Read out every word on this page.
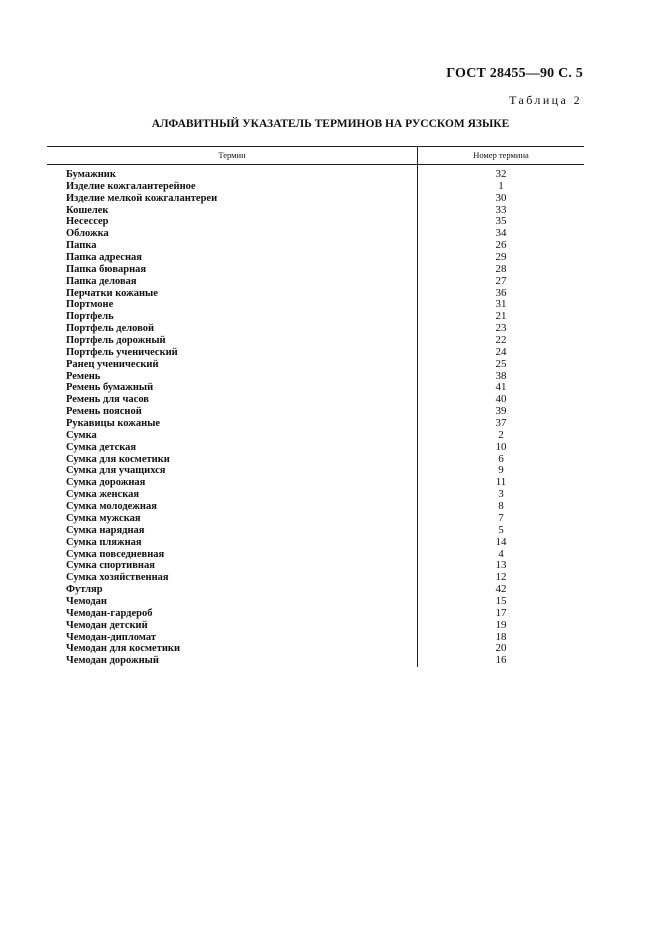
ГОСТ 28455—90 С. 5
Таблица 2
АЛФАВИТНЫЙ УКАЗАТЕЛЬ ТЕРМИНОВ НА РУССКОМ ЯЗЫКЕ
Термин	Номер термина
Бумажник
Изделие кожгалантерейное
Изделие мелкой кожгалантереи
Кошелек
Несессер
Обложка
Папка
Папка адресная
Папка бюварная
Папка деловая
Перчатки кожаные
Портмоне
Портфель
Портфель деловой
Портфель дорожный
Портфель ученический
Ранец ученический
Ремень
Ремень бумажный
Ремень для часов
Ремень поясной
Рукавицы кожаные
Сумка
Сумка детская
Сумка для косметики
Сумка для учащихся
Сумка дорожная
Сумка женская
Сумка молодежная
Сумка мужская
Сумка нарядная
Сумка пляжная
Сумка повседневная
Сумка спортивная
Сумка хозяйственная
Футляр
Чемодан
Чемодан-гардероб
Чемодан детский
Чемодан-дипломат
Чемодан для косметики
Чемодан дорожный
32
1
30
33
35
34
26
29
28
27
36
31
21
23
22
24
25
38
41
40
39
37
2
10
6
9
11
3
8
7
5
14
4
13
12
42
15
17
19
18
20
16
